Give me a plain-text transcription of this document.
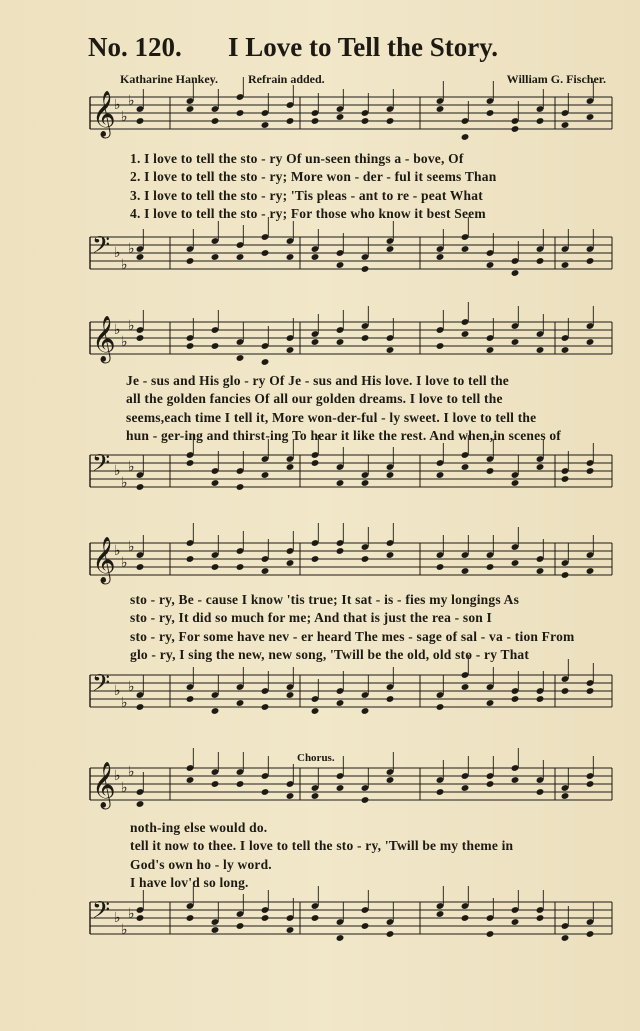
No. 120. I Love to Tell the Story.
Katharine Hankey. Refrain added.	William G. Fischer.
𝄞
♭
♭
♭
𝄢 ♭
♭
♭
1. I love to tell the sto - ry Of un-seen things a - bove, Of
2. I love to tell the sto - ry; More won - der - ful it seems Than
3. I love to tell the sto - ry; 'Tis pleas - ant to re - peat What
4. I love to tell the sto - ry; For those who know it best Seem
𝄞
♭
♭
♭
𝄢 ♭
♭
♭
Je - sus and His glo - ry Of Je - sus and His love. I love to tell the
all the golden fancies Of all our golden dreams. I love to tell the
seems,each time I tell it, More won-der-ful - ly sweet. I love to tell the
hun - ger-ing and thirst-ing To hear it like the rest. And when,in scenes of
𝄞
♭
♭
♭
𝄢 ♭
♭
♭
sto - ry, Be - cause I know 'tis true; It sat - is - fies my longings As
sto - ry, It did so much for me; And that is just the rea - son I
sto - ry, For some have nev - er heard The mes - sage of sal - va - tion From
glo - ry, I sing the new, new song, 'Twill be the old, old sto - ry That
Chorus.
𝄞
♭
♭
♭
𝄢 ♭
♭
♭
noth-ing else would do.
tell it now to thee. I love to tell the sto - ry, 'Twill be my theme in
God's own ho - ly word.
I have lov'd so long.
